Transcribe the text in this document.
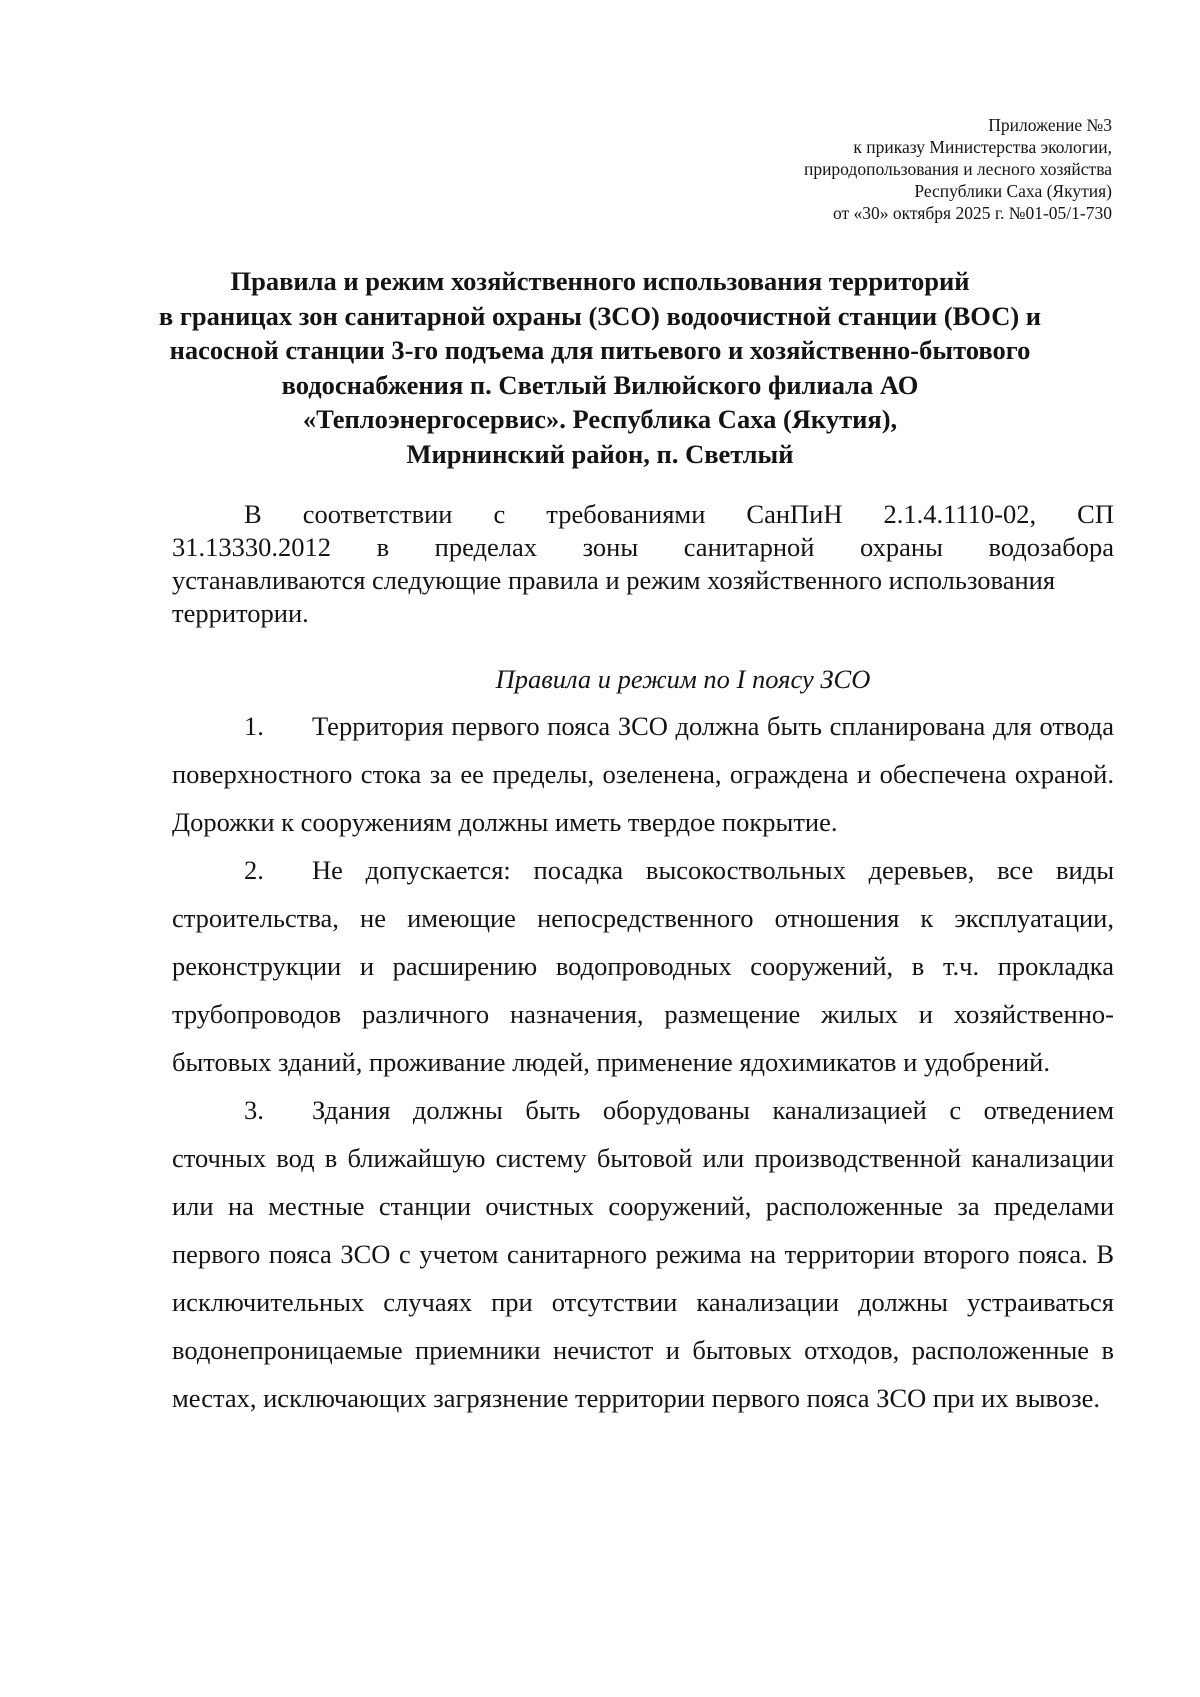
Приложение №3
к приказу Министерства экологии,
природопользования и лесного хозяйства
Республики Саха (Якутия)
от «30» октября 2025 г. №01-05/1-730
Правила и режим хозяйственного использования территорий
в границах зон санитарной охраны (ЗСО) водоочистной станции (ВОС) и
насосной станции 3-го подъема для питьевого и хозяйственно-бытового
водоснабжения п. Светлый Вилюйского филиала АО
«Теплоэнергосервис». Республика Саха (Якутия),
Мирнинский район, п. Светлый
В соответствии с требованиями СанПиН 2.1.4.1110-02, СП
31.13330.2012 в пределах зоны санитарной охраны водозабора
устанавливаются следующие правила и режим хозяйственного использования
территории.
Правила и режим по I поясу ЗСО

1. Территория первого пояса ЗСО должна быть спланирована для отвода поверхностного стока за ее пределы, озеленена, ограждена и обеспечена охраной. Дорожки к сооружениям должны иметь твердое покрытие.

2. Не допускается: посадка высокоствольных деревьев, все виды строительства, не имеющие непосредственного отношения к эксплуатации, реконструкции и расширению водопроводных сооружений, в т.ч. прокладка трубопроводов различного назначения, размещение жилых и хозяйственно-бытовых зданий, проживание людей, применение ядохимикатов и удобрений.

3. Здания должны быть оборудованы канализацией с отведением сточных вод в ближайшую систему бытовой или производственной канализации или на местные станции очистных сооружений, расположенные за пределами первого пояса ЗСО с учетом санитарного режима на территории второго пояса. В исключительных случаях при отсутствии канализации должны устраиваться водонепроницаемые приемники нечистот и бытовых отходов, расположенные в местах, исключающих загрязнение территории первого пояса ЗСО при их вывозе.
